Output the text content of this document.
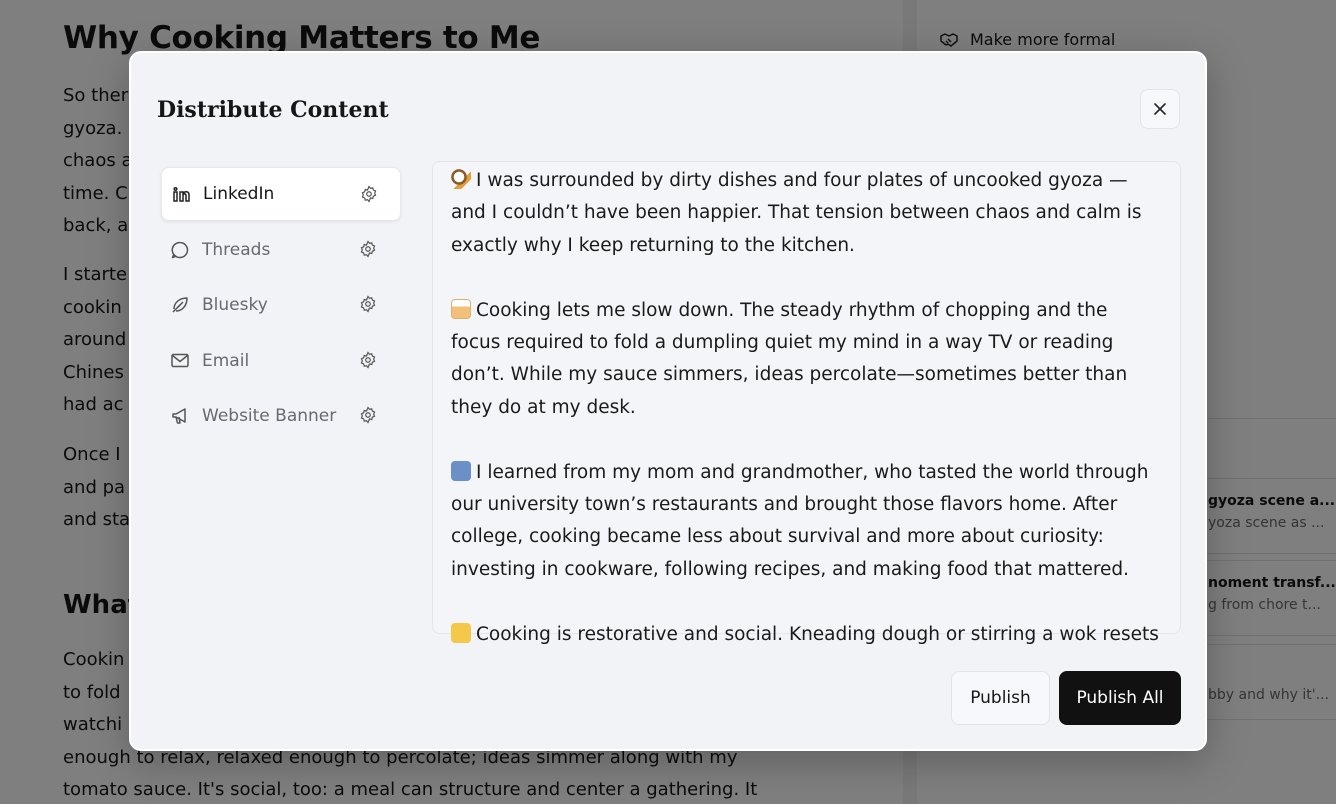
Distribute Content
LinkedIn
Threads
Bluesky
Email
Website Banner

I was surrounded by dirty dishes and four plates of uncooked gyoza — and I couldn’t have been happier. That tension between chaos and calm is exactly why I keep returning to the kitchen.

Cooking lets me slow down. The steady rhythm of chopping and the focus required to fold a dumpling quiet my mind in a way TV or reading don’t. While my sauce simmers, ideas percolate—sometimes better than they do at my desk.

I learned from my mom and grandmother, who tasted the world through our university town’s restaurants and brought those flavors home. After college, cooking became less about survival and more about curiosity: investing in cookware, following recipes, and making food that mattered.

Cooking is restorative and social. Kneading dough or stirring a wok resets

Publish	Publish All
